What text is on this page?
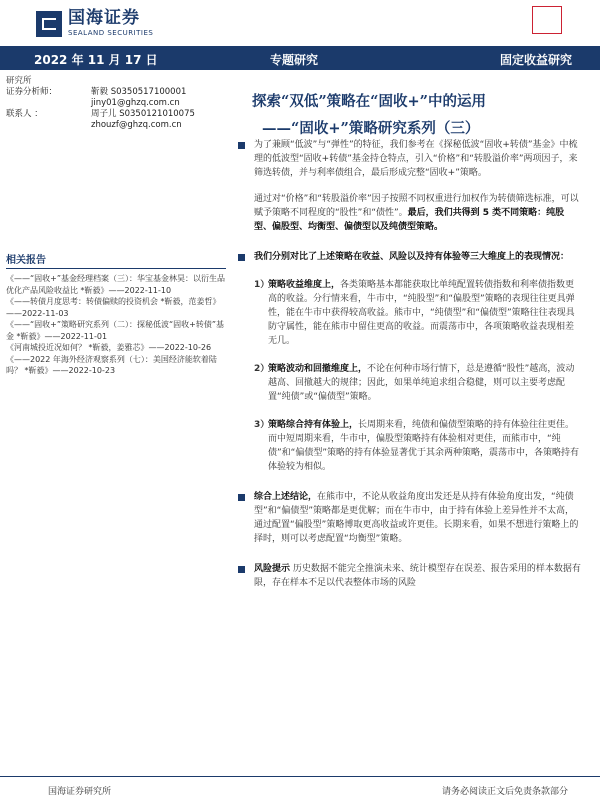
国海证券
SEALAND SECURITIES
2022 年 11 月 17 日	专题研究	固定收益研究
研究所
证券分析师：	靳毅 S0350517100001
jiny01@ghzq.com.cn
联系人 ：	周子儿 S0350121010075
zhouzf@ghzq.com.cn
相关报告
《——“固收+”基金经理档案（三）：华宝基金林昊：以衍生品优化产品风险收益比 *靳毅》——2022-11-10
《——转债月度思考：转债偏赎的投资机会 *靳毅，范姜哲》——2022-11-03
《——“固收+”策略研究系列（二）：探秘低波“固收+转债”基金 *靳毅》——2022-11-01
《河南城投近况如何？ *靳毅，姜雅芯》——2022-10-26
《——2022 年海外经济观察系列（七）：美国经济能软着陆吗？ *靳毅》——2022-10-23
探索“双低”策略在“固收+”中的运用
——“固收+”策略研究系列（三）
为了兼顾“低波”与“弹性”的特征，我们参考在《探秘低波“固收+转债”基金》中梳理的低波型“固收+转债”基金持仓特点，引入“价格”和“转股溢价率”两项因子，来筛选转债，并与利率债组合，最后形成完整“固收+”策略。
通过对“价格”和“转股溢价率”因子按照不同权重进行加权作为转债筛选标准，可以赋予策略不同程度的“股性”和“债性”。最后，我们共得到 5 类不同策略：纯股型、偏股型、均衡型、偏债型以及纯债型策略。
我们分别对比了上述策略在收益、风险以及持有体验等三大维度上的表现情况：
1）
策略收益维度上，各类策略基本都能获取比单纯配置转债指数和利率债指数更高的收益。分行情来看，牛市中，“纯股型”和“偏股型”策略的表现往往更具弹性，能在牛市中获得较高收益。熊市中，“纯债型”和“偏债型”策略往往表现具防守属性，能在熊市中留住更高的收益。而震荡市中，各项策略收益表现相差无几。
2）
策略波动和回撤维度上，不论在何种市场行情下，总是遵循“股性”越高，波动越高、回撤越大的规律；因此，如果单纯追求组合稳健，则可以主要考虑配置“纯债”或“偏债型”策略。
3）
策略综合持有体验上，长周期来看，纯债和偏债型策略的持有体验往往更佳。而中短周期来看，牛市中，偏股型策略持有体验相对更佳，而熊市中，“纯债”和“偏债型”策略的持有体验显著优于其余两种策略，震荡市中，各策略持有体验较为相似。
综合上述结论，在熊市中，不论从收益角度出发还是从持有体验角度出发，“纯债型”和“偏债型”策略都是更优解；而在牛市中，由于持有体验上差异性并不太高，通过配置“偏股型”策略博取更高收益或许更佳。长期来看，如果不想进行策略上的择时，则可以考虑配置“均衡型”策略。
风险提示 历史数据不能完全推演未来、统计模型存在误差、报告采用的样本数据有限，存在样本不足以代表整体市场的风险
国海证券研究所	请务必阅读正文后免责条款部分
